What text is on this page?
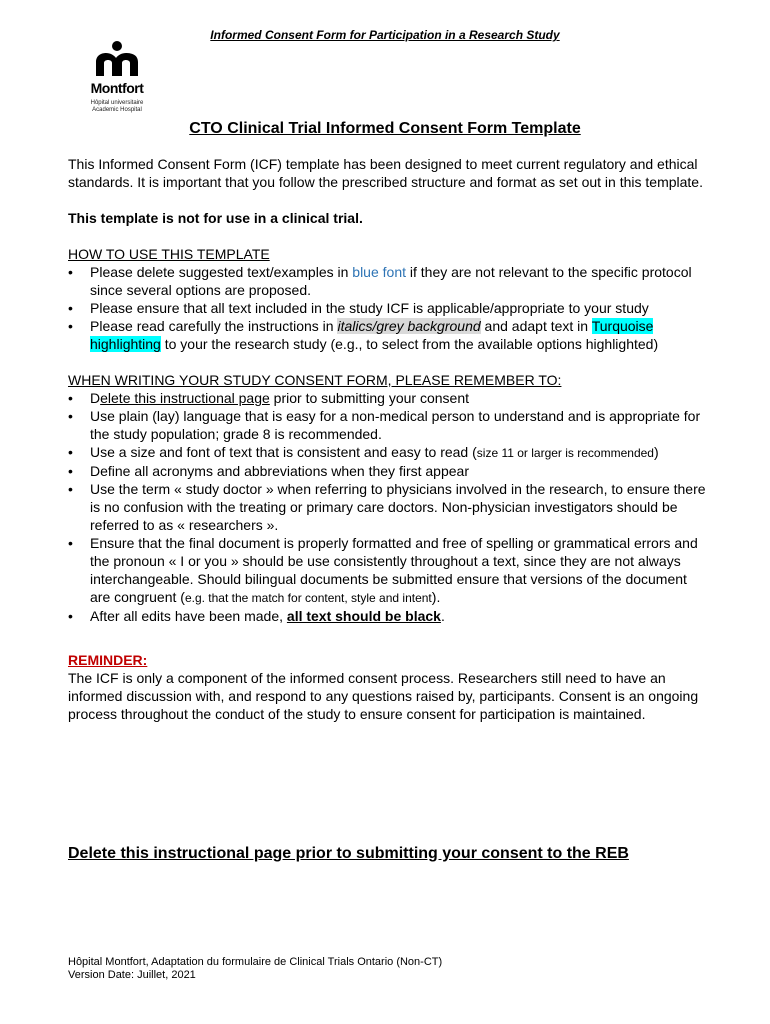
Informed Consent Form for Participation in a Research Study
Montfort
Hôpital universitaire
Academic Hospital
CTO Clinical Trial Informed Consent Form Template

This Informed Consent Form (ICF) template has been designed to meet current regulatory and ethical standards. It is important that you follow the prescribed structure and format as set out in this template.

This template is not for use in a clinical trial.

HOW TO USE THIS TEMPLATE

• Please delete suggested text/examples in blue font if they are not relevant to the specific protocol since several options are proposed.
• Please ensure that all text included in the study ICF is applicable/appropriate to your study
• Please read carefully the instructions in italics/grey background and adapt text in Turquoise highlighting to your the research study (e.g., to select from the available options highlighted)

WHEN WRITING YOUR STUDY CONSENT FORM, PLEASE REMEMBER TO:

• Delete this instructional page prior to submitting your consent
• Use plain (lay) language that is easy for a non-medical person to understand and is appropriate for the study population; grade 8 is recommended.
• Use a size and font of text that is consistent and easy to read (size 11 or larger is recommended)
• Define all acronyms and abbreviations when they first appear
• Use the term « study doctor » when referring to physicians involved in the research, to ensure there is no confusion with the treating or primary care doctors. Non-physician investigators should be referred to as « researchers ».
• Ensure that the final document is properly formatted and free of spelling or grammatical errors and the pronoun « I or you » should be use consistently throughout a text, since they are not always interchangeable. Should bilingual documents be submitted ensure that versions of the document are congruent (e.g. that the match for content, style and intent).
• After all edits have been made, all text should be black.

REMINDER:

The ICF is only a component of the informed consent process. Researchers still need to have an informed discussion with, and respond to any questions raised by, participants. Consent is an ongoing process throughout the conduct of the study to ensure consent for participation is maintained.

Delete this instructional page prior to submitting your consent to the REB
Hôpital Montfort, Adaptation du formulaire de Clinical Trials Ontario (Non-CT)
Version Date: Juillet, 2021
